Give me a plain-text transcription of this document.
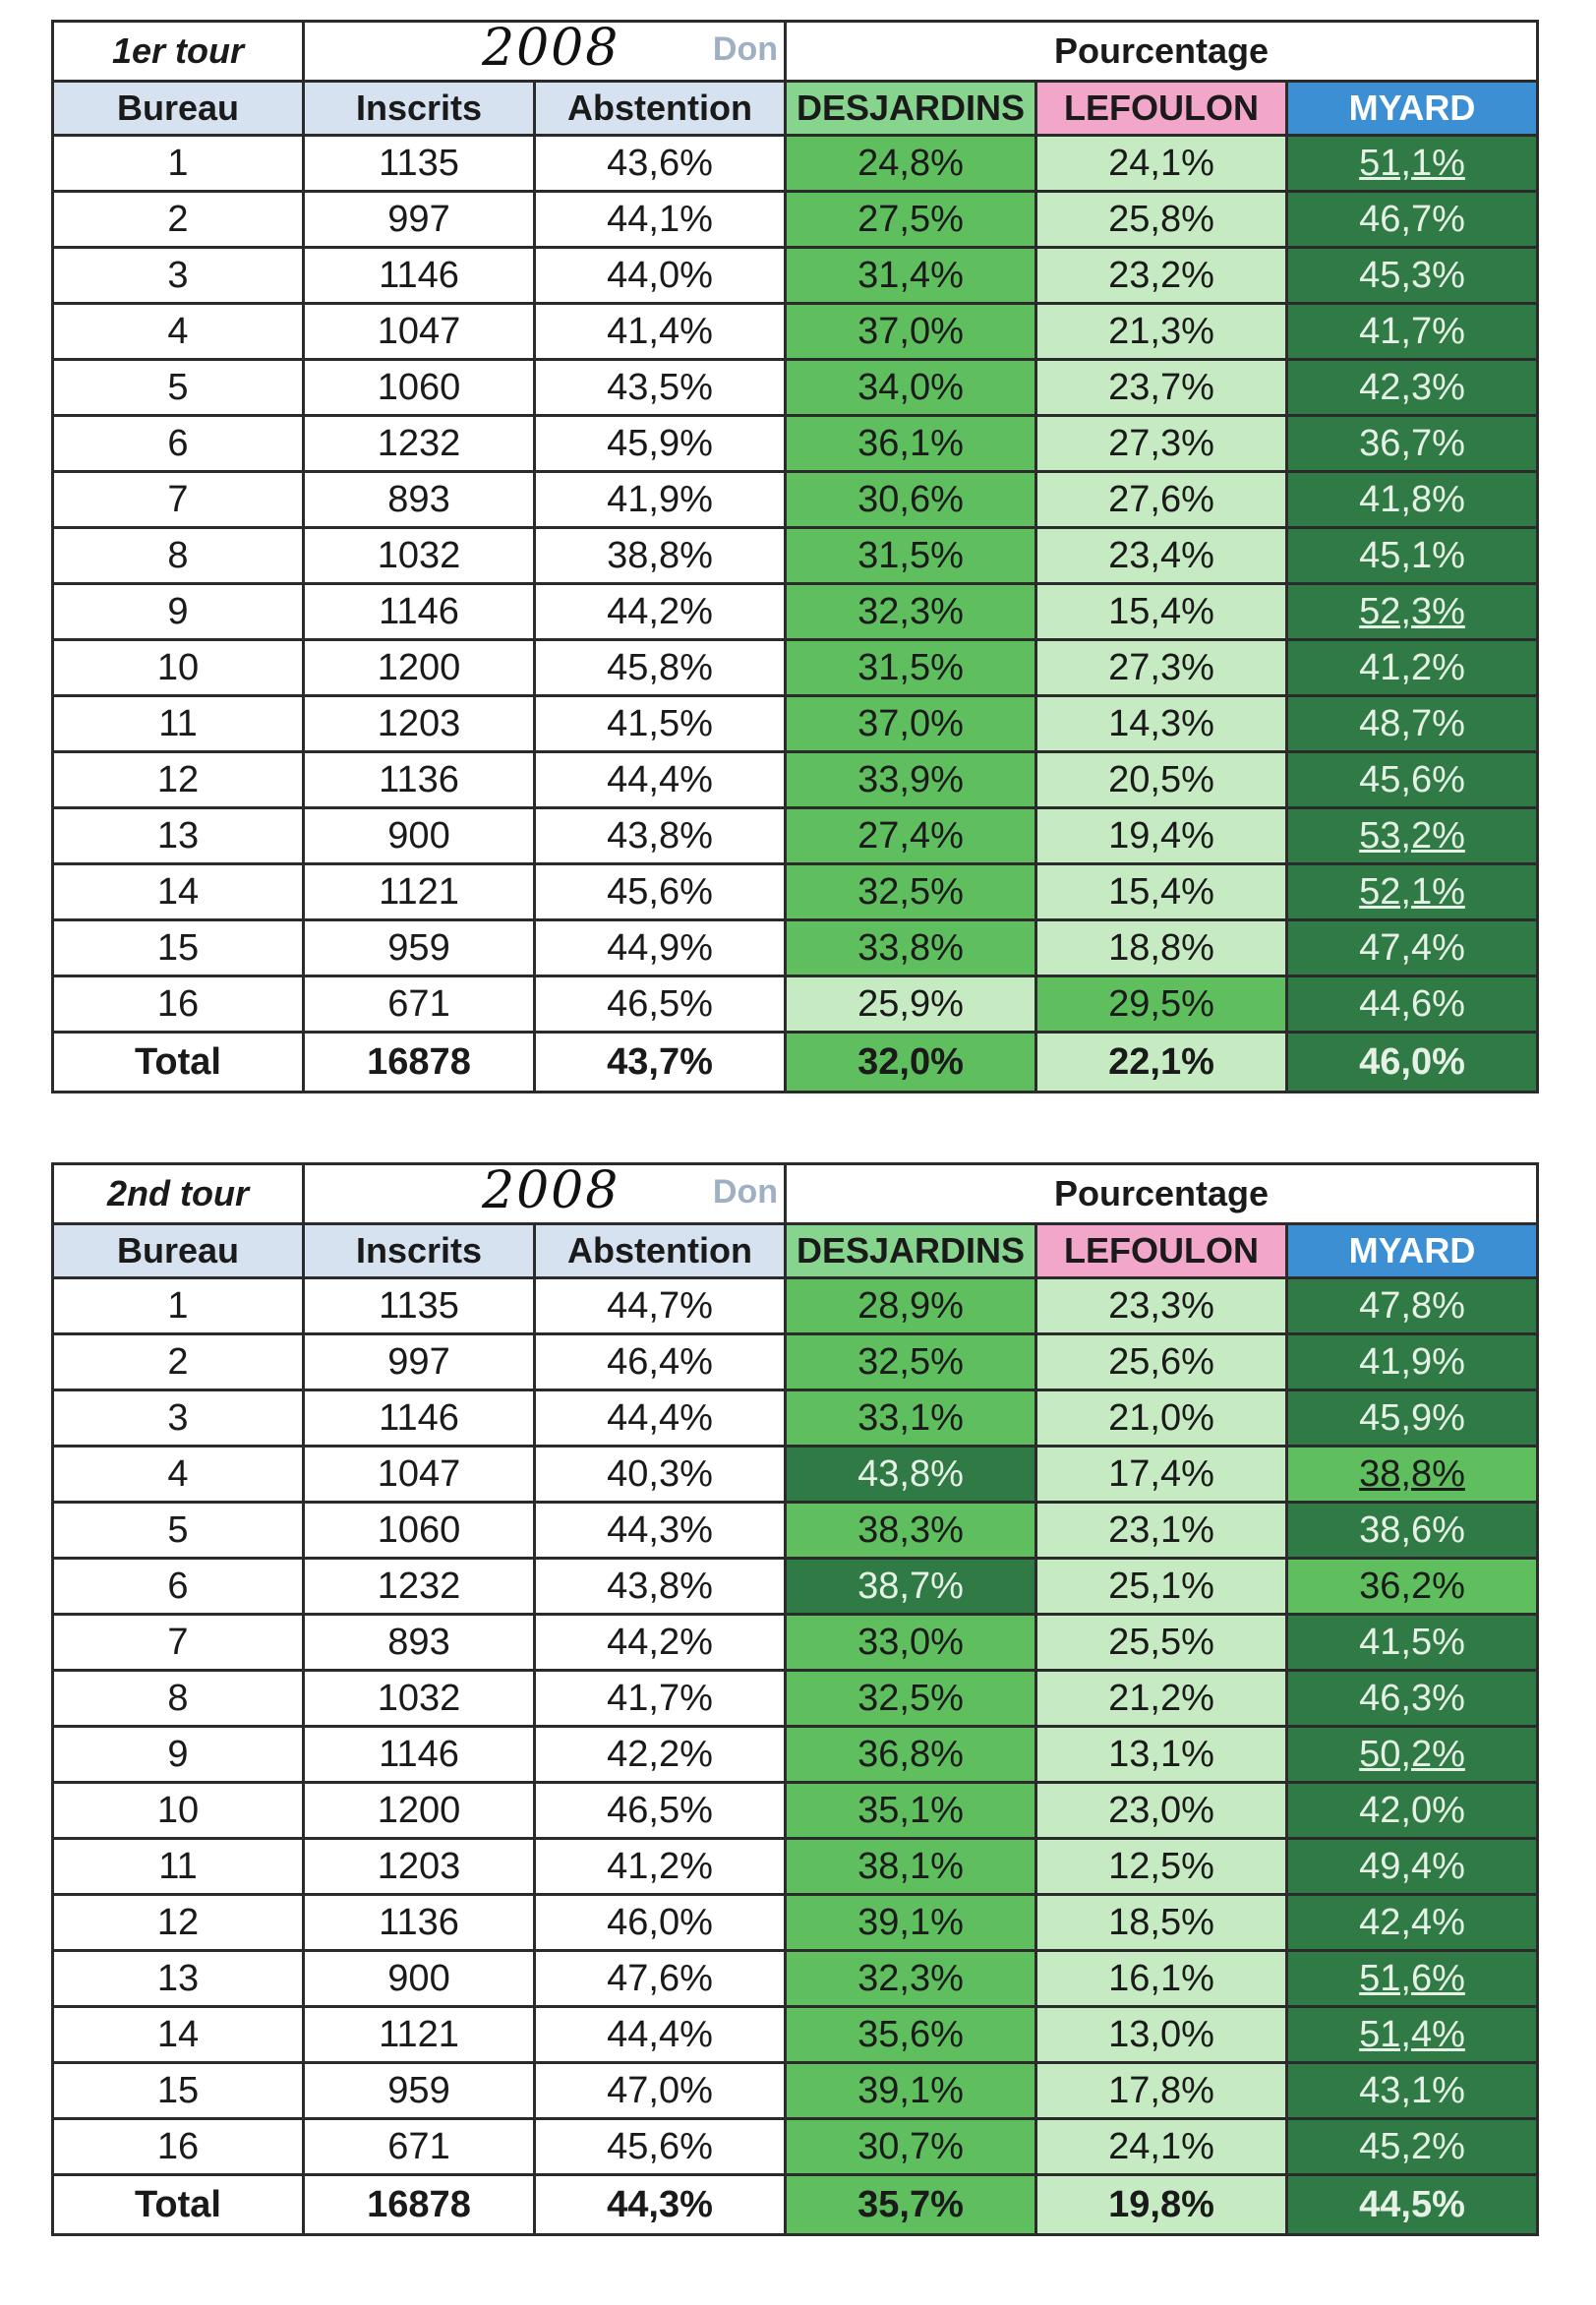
1er tour	2008 Don		Pourcentage		
Bureau	Inscrits	Abstention	DESJARDINS	LEFOULON	MYARD
1	1135	43,6%	24,8%	24,1%	51,1%
2	997	44,1%	27,5%	25,8%	46,7%
3	1146	44,0%	31,4%	23,2%	45,3%
4	1047	41,4%	37,0%	21,3%	41,7%
5	1060	43,5%	34,0%	23,7%	42,3%
6	1232	45,9%	36,1%	27,3%	36,7%
7	893	41,9%	30,6%	27,6%	41,8%
8	1032	38,8%	31,5%	23,4%	45,1%
9	1146	44,2%	32,3%	15,4%	52,3%
10	1200	45,8%	31,5%	27,3%	41,2%
11	1203	41,5%	37,0%	14,3%	48,7%
12	1136	44,4%	33,9%	20,5%	45,6%
13	900	43,8%	27,4%	19,4%	53,2%
14	1121	45,6%	32,5%	15,4%	52,1%
15	959	44,9%	33,8%	18,8%	47,4%
16	671	46,5%	25,9%	29,5%	44,6%
Total	16878	43,7%	32,0%	22,1%	46,0%
2nd tour	2008 Don		Pourcentage		
Bureau	Inscrits	Abstention	DESJARDINS	LEFOULON	MYARD
1	1135	44,7%	28,9%	23,3%	47,8%
2	997	46,4%	32,5%	25,6%	41,9%
3	1146	44,4%	33,1%	21,0%	45,9%
4	1047	40,3%	43,8%	17,4%	38,8%
5	1060	44,3%	38,3%	23,1%	38,6%
6	1232	43,8%	38,7%	25,1%	36,2%
7	893	44,2%	33,0%	25,5%	41,5%
8	1032	41,7%	32,5%	21,2%	46,3%
9	1146	42,2%	36,8%	13,1%	50,2%
10	1200	46,5%	35,1%	23,0%	42,0%
11	1203	41,2%	38,1%	12,5%	49,4%
12	1136	46,0%	39,1%	18,5%	42,4%
13	900	47,6%	32,3%	16,1%	51,6%
14	1121	44,4%	35,6%	13,0%	51,4%
15	959	47,0%	39,1%	17,8%	43,1%
16	671	45,6%	30,7%	24,1%	45,2%
Total	16878	44,3%	35,7%	19,8%	44,5%
